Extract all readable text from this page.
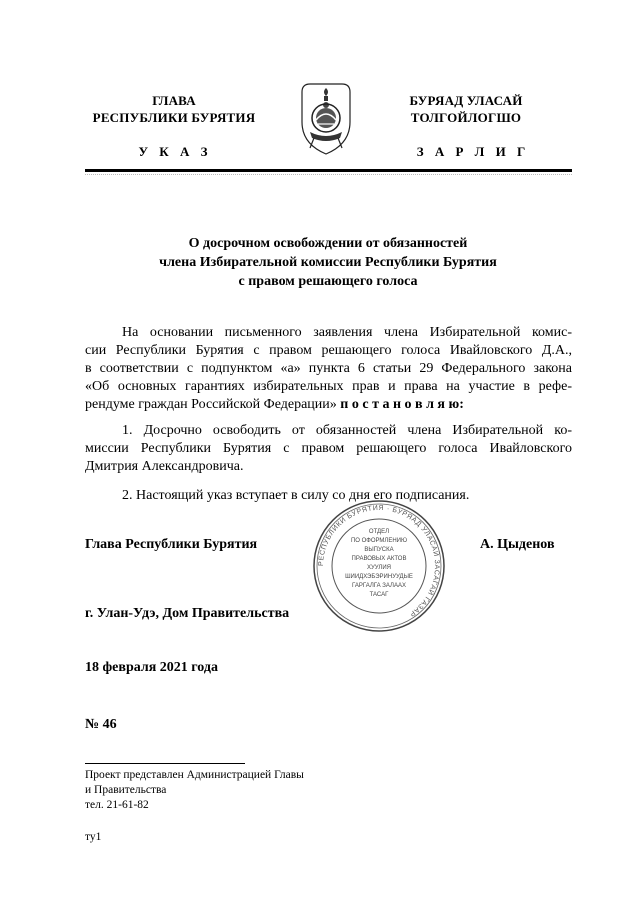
ГЛАВА
РЕСПУБЛИКИ БУРЯТИЯ
У К А З
БУРЯАД УЛАСАЙ
ТОЛГОЙЛОГШО
З А Р Л И Г
О досрочном освобождении от обязанностей
члена Избирательной комиссии Республики Бурятия
с правом решающего голоса
На основании письменного заявления члена Избирательной комис-
сии Республики Бурятия с правом решающего голоса Ивайловского Д.А.,
в соответствии с подпунктом «а» пункта 6 статьи 29 Федерального закона
«Об основных гарантиях избирательных прав и права на участие в рефе-
рендуме граждан Российской Федерации» п о с т а н о в л я ю:
1. Досрочно освободить от обязанностей члена Избирательной ко-
миссии Республики Бурятия с правом решающего голоса Ивайловского
Дмитрия Александровича.
2. Настоящий указ вступает в силу со дня его подписания.
РЕСПУБЛИКИ БУРЯТИЯ · БУРЯАД УЛАСАЙ ЗАСАГАЙ ГАЗАР
ОТДЕЛ
ПО ОФОРМЛЕНИЮ
ВЫПУСКА
ПРАВОВЫХ АКТОВ
ХУУЛИЯ
ШИИДХЭБЭРИНУУДЫЕ
ГАРГАЛГА ЗАЛААХ
ТАСАГ
Глава Республики Бурятия	А. Цыденов
г. Улан-Удэ, Дом Правительства
18 февраля 2021 года
№ 46
Проект представлен Администрацией Главы
и Правительства
тел. 21-61-82
ту1
